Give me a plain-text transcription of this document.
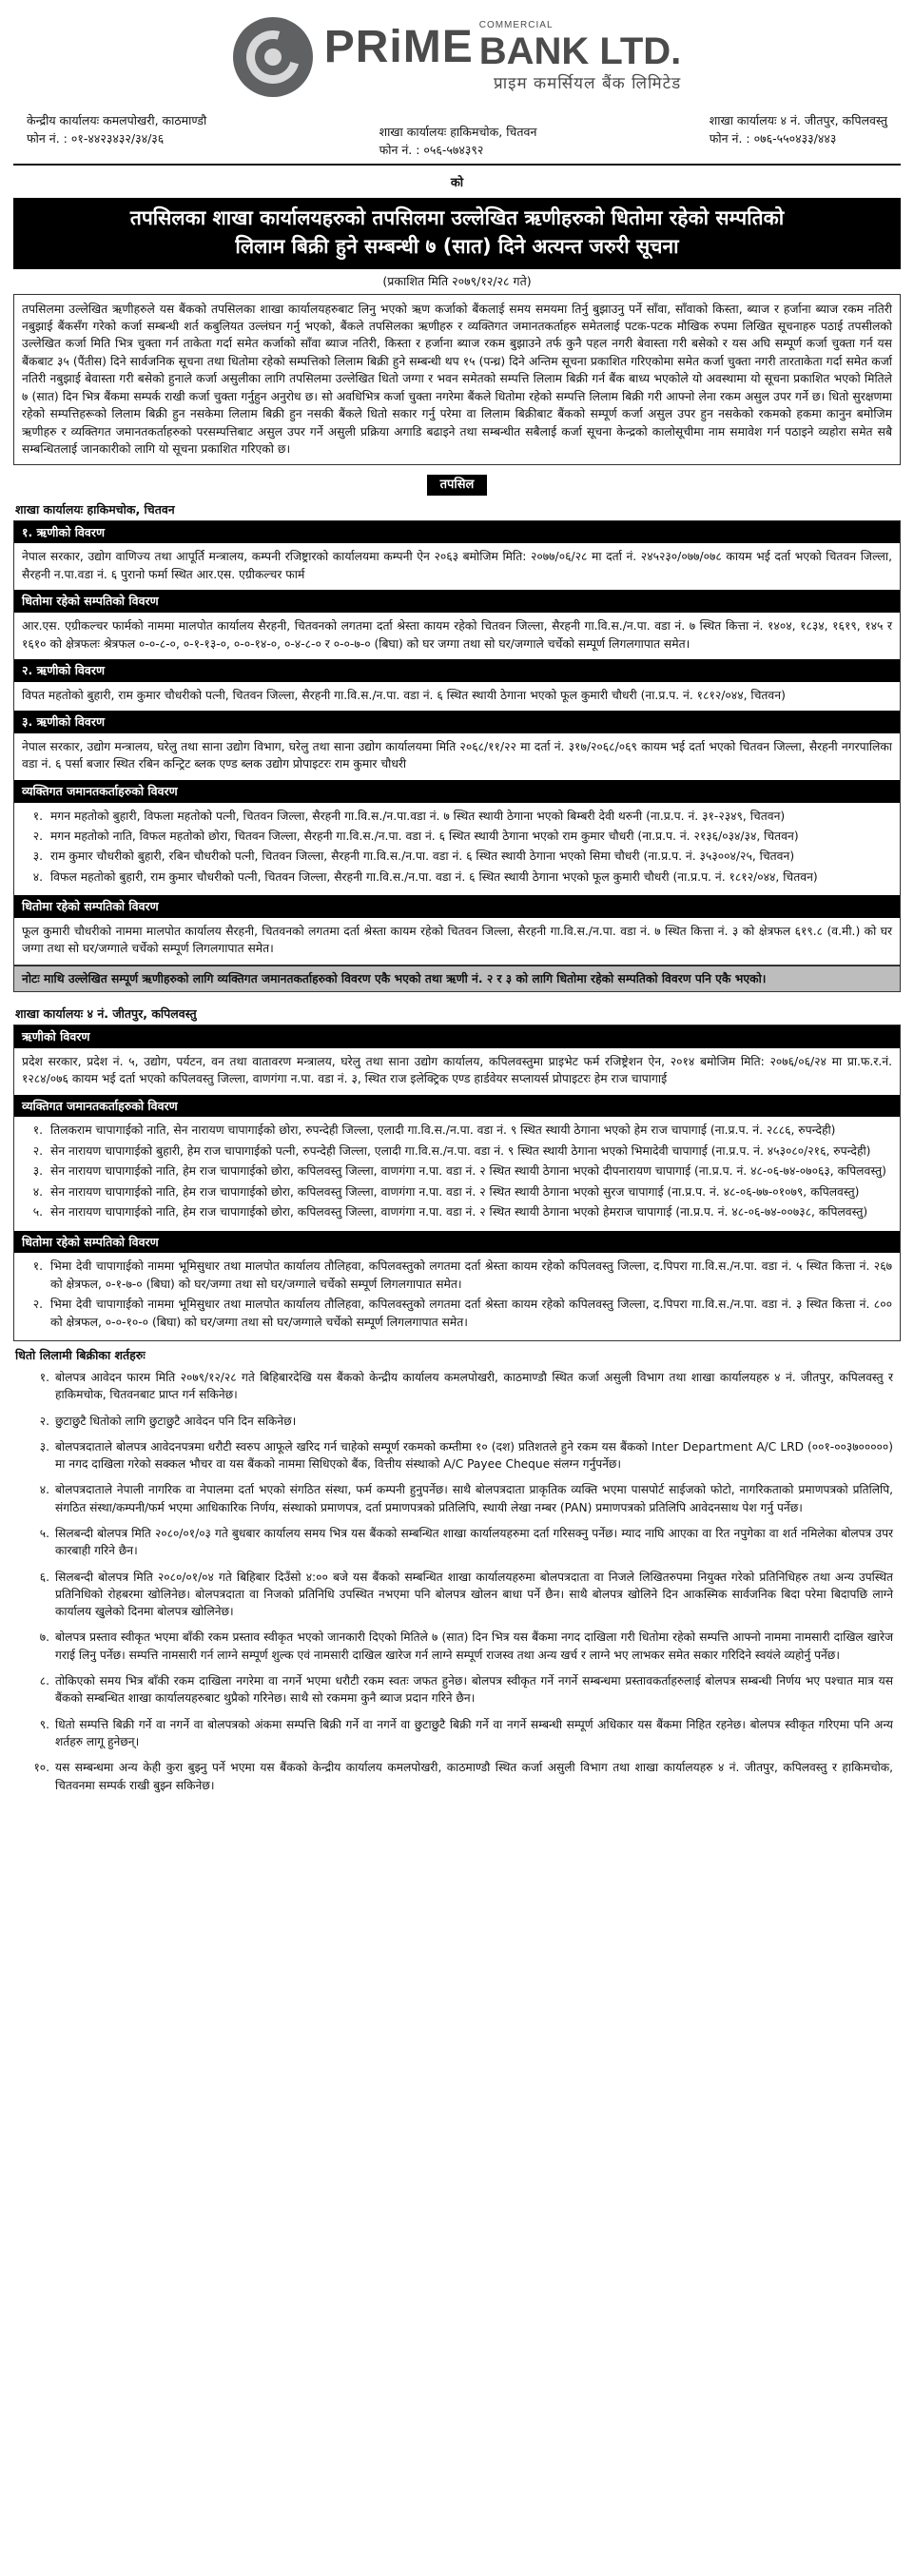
PRiME COMMERCIAL
BANK LTD.
प्राइम कमर्सियल बैंक लिमिटेड
केन्द्रीय कार्यालयः कमलपोखरी, काठमाण्डौ
फोन नं. : ०१-४४२३४३२/३४/३६	शाखा कार्यालयः हाकिमचोक, चितवन
फोन नं. : ०५६-५७४३९२
शाखा कार्यालयः ४ नं. जीतपुर, कपिलवस्तु
फोन नं. : ०७६-५५०४३३/४४३
को
तपसिलका शाखा कार्यालयहरुको तपसिलमा उल्लेखित ऋणीहरुको धितोमा रहेको सम्पतिको
लिलाम बिक्री हुने सम्बन्धी ७ (सात) दिने अत्यन्त जरुरी सूचना
(प्रकाशित मिति २०७९/१२/२८ गते)
तपसिलमा उल्लेखित ऋणीहरुले यस बैंकको तपसिलका शाखा कार्यालयहरुबाट लिनु भएको ऋण कर्जाको बैंकलाई समय समयमा तिर्नु बुझाउनु पर्ने साँवा, साँवाको किस्ता, ब्याज र हर्जाना ब्याज रकम नतिरी नबुझाई बैंकसँग गरेको कर्जा सम्बन्धी शर्त कबुलियत उल्लंघन गर्नु भएको, बैंकले तपसिलका ऋणीहरु र व्यक्तिगत जमानतकर्ताहरु समेतलाई पटक-पटक मौखिक रुपमा लिखित सूचनाहरु पठाई तपसीलको उल्लेखित कर्जा मिति भित्र चुक्ता गर्न ताकेता गर्दा समेत कर्जाको साँवा ब्याज नतिरी, किस्ता र हर्जाना ब्याज रकम बुझाउने तर्फ कुनै पहल नगरी बेवास्ता गरी बसेको र यस अघि सम्पूर्ण कर्जा चुक्ता गर्न यस बैंकबाट ३५ (पैंतीस) दिने सार्वजनिक सूचना तथा धितोमा रहेको सम्पत्तिको लिलाम बिक्री हुने सम्बन्धी थप १५ (पन्ध्र) दिने अन्तिम सूचना प्रकाशित गरिएकोमा समेत कर्जा चुक्ता नगरी तारताकेता गर्दा समेत कर्जा नतिरी नबुझाई बेवास्ता गरी बसेको हुनाले कर्जा असुलीका लागि तपसिलमा उल्लेखित धितो जग्गा र भवन समेतको सम्पत्ति लिलाम बिक्री गर्न बैंक बाध्य भएकोले यो अवस्थामा यो सूचना प्रकाशित भएको मितिले ७ (सात) दिन भित्र बैंकमा सम्पर्क राखी कर्जा चुक्ता गर्नुहुन अनुरोध छ। सो अवधिभित्र कर्जा चुक्ता नगरेमा बैंकले धितोमा रहेको सम्पत्ति लिलाम बिक्री गरी आफ्नो लेना रकम असुल उपर गर्ने छ। धितो सुरक्षणमा रहेको सम्पत्तिहरूको लिलाम बिक्री हुन नसकेमा लिलाम बिक्री हुन नसकी बैंकले धितो सकार गर्नु परेमा वा लिलाम बिक्रीबाट बैंकको सम्पूर्ण कर्जा असुल उपर हुन नसकेको रकमको हकमा कानुन बमोजिम ऋणीहरु र व्यक्तिगत जमानतकर्ताहरुको परसम्पत्तिबाट असुल उपर गर्ने असुली प्रक्रिया अगाडि बढाइने तथा सम्बन्धीत सबैलाई कर्जा सूचना केन्द्रको कालोसूचीमा नाम समावेश गर्न पठाइने व्यहोरा समेत सबै सम्बन्धितलाई जानकारीको लागि यो सूचना प्रकाशित गरिएको छ।
तपसिल
शाखा कार्यालयः हाकिमचोक, चितवन
१. ऋणीको विवरण
नेपाल सरकार, उद्योग वाणिज्य तथा आपूर्ति मन्त्रालय, कम्पनी रजिष्ट्रारको कार्यालयमा कम्पनी ऐन २०६३ बमोजिम मिति: २०७७/०६/२८ मा दर्ता नं. २४५२३०/०७७/०७८ कायम भई दर्ता भएको चितवन जिल्ला, सैरहनी न.पा.वडा नं. ६ पुरानो फर्मा स्थित आर.एस. एग्रीकल्चर फार्म
धितोमा रहेको सम्पतिको विवरण
आर.एस. एग्रीकल्चर फार्मको नाममा मालपोत कार्यालय सैरहनी, चितवनको लगतमा दर्ता श्रेस्ता कायम रहेको चितवन जिल्ला, सैरहनी गा.वि.स./न.पा. वडा नं. ७ स्थित कित्ता नं. १४०४, १८३४, १६१९, १४५ र १६१० को क्षेत्रफलः श्रेत्रफल ०-०-८-०, ०-१-१३-०, ०-०-१४-०, ०-४-८-० र ०-०-७-० (बिघा) को घर जग्गा तथा सो घर/जग्गाले चर्चेको सम्पूर्ण लिगलगापात समेत।
२. ऋणीको विवरण
विपत महतोको बुहारी, राम कुमार चौधरीको पत्नी, चितवन जिल्ला, सैरहनी गा.वि.स./न.पा. वडा नं. ६ स्थित स्थायी ठेगाना भएको फूल कुमारी चौधरी (ना.प्र.प. नं. १८१२/०४४, चितवन)
३. ऋणीको विवरण
नेपाल सरकार, उद्योग मन्त्रालय, घरेलु तथा साना उद्योग विभाग, घरेलु तथा साना उद्योग कार्यालयमा मिति २०६८/११/२२ मा दर्ता नं. ३१७/२०६८/०६९ कायम भई दर्ता भएको चितवन जिल्ला, सैरहनी नगरपालिका वडा नं. ६ पर्सा बजार स्थित रबिन कन्ट्रिट ब्लक एण्ड ब्लक उद्योग प्रोपाइटरः राम कुमार चौधरी
व्यक्तिगत जमानतकर्ताहरुको विवरण
१. मगन महतोको बुहारी, विफला महतोको पत्नी, चितवन जिल्ला, सैरहनी गा.वि.स./न.पा.वडा नं. ७ स्थित स्थायी ठेगाना भएको बिम्बरी देवी थरुनी (ना.प्र.प. नं. ३१-२३४९, चितवन)
२. मगन महतोको नाति, विफल महतोको छोरा, चितवन जिल्ला, सैरहनी गा.वि.स./न.पा. वडा नं. ६ स्थित स्थायी ठेगाना भएको राम कुमार चौधरी (ना.प्र.प. नं. २१३६/०३४/३४, चितवन)
३. राम कुमार चौधरीको बुहारी, रबिन चौधरीको पत्नी, चितवन जिल्ला, सैरहनी गा.वि.स./न.पा. वडा नं. ६ स्थित स्थायी ठेगाना भएको सिमा चौधरी (ना.प्र.प. नं. ३५३००४/२५, चितवन)
४. विफल महतोको बुहारी, राम कुमार चौधरीको पत्नी, चितवन जिल्ला, सैरहनी गा.वि.स./न.पा. वडा नं. ६ स्थित स्थायी ठेगाना भएको फूल कुमारी चौधरी (ना.प्र.प. नं. १८१२/०४४, चितवन)
धितोमा रहेको सम्पतिको विवरण
फूल कुमारी चौधरीको नाममा मालपोत कार्यालय सैरहनी, चितवनको लगतमा दर्ता श्रेस्ता कायम रहेको चितवन जिल्ला, सैरहनी गा.वि.स./न.पा. वडा नं. ७ स्थित कित्ता नं. ३ को क्षेत्रफल ६१९.८ (व.मी.) को घर जग्गा तथा सो घर/जग्गाले चर्चेको सम्पूर्ण लिगलगापात समेत।
नोटः माथि उल्लेखित सम्पूर्ण ऋणीहरुको लागि व्यक्तिगत जमानतकर्ताहरुको विवरण एकै भएको तथा ऋणी नं. २ र ३ को लागि धितोमा रहेको सम्पतिको विवरण पनि एकै भएको।
शाखा कार्यालयः ४ नं. जीतपुर, कपिलवस्तु
ऋणीको विवरण
प्रदेश सरकार, प्रदेश नं. ५, उद्योग, पर्यटन, वन तथा वातावरण मन्त्रालय, घरेलु तथा साना उद्योग कार्यालय, कपिलवस्तुमा प्राइभेट फर्म रजिष्ट्रेशन ऐन, २०१४ बमोजिम मिति: २०७६/०६/२४ मा प्रा.फ.र.नं. १२८४/०७६ कायम भई दर्ता भएको कपिलवस्तु जिल्ला, वाणगंगा न.पा. वडा नं. ३, स्थित राज इलेक्ट्रिक एण्ड हार्डवेयर सप्लायर्स प्रोपाइटरः हेम राज चापागाई
व्यक्तिगत जमानतकर्ताहरुको विवरण
१. तिलकराम चापागाईको नाति, सेन नारायण चापागाईको छोरा, रुपन्देही जिल्ला, एलादी गा.वि.स./न.पा. वडा नं. ९ स्थित स्थायी ठेगाना भएको हेम राज चापागाई (ना.प्र.प. नं. २८८६, रुपन्देही)
२. सेन नारायण चापागाईको बुहारी, हेम राज चापागाईको पत्नी, रुपन्देही जिल्ला, एलादी गा.वि.स./न.पा. वडा नं. ९ स्थित स्थायी ठेगाना भएको भिमादेवी चापागाई (ना.प्र.प. नं. ४५३०८०/२१६, रुपन्देही)
३. सेन नारायण चापागाईको नाति, हेम राज चापागाईको छोरा, कपिलवस्तु जिल्ला, वाणगंगा न.पा. वडा नं. २ स्थित स्थायी ठेगाना भएको दीपनारायण चापागाई (ना.प्र.प. नं. ४८-०६-७४-०७०६३, कपिलवस्तु)
४. सेन नारायण चापागाईको नाति, हेम राज चापागाईको छोरा, कपिलवस्तु जिल्ला, वाणगंगा न.पा. वडा नं. २ स्थित स्थायी ठेगाना भएको सुरज चापागाई (ना.प्र.प. नं. ४८-०६-७७-०१०७९, कपिलवस्तु)
५. सेन नारायण चापागाईको नाति, हेम राज चापागाईको छोरा, कपिलवस्तु जिल्ला, वाणगंगा न.पा. वडा नं. २ स्थित स्थायी ठेगाना भएको हेमराज चापागाई (ना.प्र.प. नं. ४८-०६-७४-००७३८, कपिलवस्तु)
धितोमा रहेको सम्पतिको विवरण
१. भिमा देवी चापागाईको नाममा भूमिसुधार तथा मालपोत कार्यालय तौलिहवा, कपिलवस्तुको लगतमा दर्ता श्रेस्ता कायम रहेको कपिलवस्तु जिल्ला, द.पिपरा गा.वि.स./न.पा. वडा नं. ५ स्थित कित्ता नं. २६७ को क्षेत्रफल, ०-१-७-० (बिघा) को घर/जग्गा तथा सो घर/जग्गाले चर्चेको सम्पूर्ण लिगलगापात समेत।
२. भिमा देवी चापागाईको नाममा भूमिसुधार तथा मालपोत कार्यालय तौलिहवा, कपिलवस्तुको लगतमा दर्ता श्रेस्ता कायम रहेको कपिलवस्तु जिल्ला, द.पिपरा गा.वि.स./न.पा. वडा नं. ३ स्थित कित्ता नं. ८०० को क्षेत्रफल, ०-०-१०-० (बिघा) को घर/जग्गा तथा सो घर/जग्गाले चर्चेको सम्पूर्ण लिगलगापात समेत।
धितो लिलामी बिक्रीका शर्तहरुः
१. बोलपत्र आवेदन फारम मिति २०७९/१२/२८ गते बिहिबारदेखि यस बैंकको केन्द्रीय कार्यालय कमलपोखरी, काठमाण्डौ स्थित कर्जा असुली विभाग तथा शाखा कार्यालयहरु ४ नं. जीतपुर, कपिलवस्तु र हाकिमचोक, चितवनबाट प्राप्त गर्न सकिनेछ।
२. छुटाछुटै धितोको लागि छुटाछुटै आवेदन पनि दिन सकिनेछ।
३. बोलपत्रदाताले बोलपत्र आवेदनपत्रमा धरौटी स्वरुप आफूले खरिद गर्न चाहेको सम्पूर्ण रकमको कम्तीमा १० (दश) प्रतिशतले हुने रकम यस बैंकको Inter Department A/C LRD (००१-००३७०००००) मा नगद दाखिला गरेको सक्कल भौचर वा यस बैंकको नाममा सिधिएको बैंक, वित्तीय संस्थाको A/C Payee Cheque संलग्न गर्नुपर्नेछ।
४. बोलपत्रदाताले नेपाली नागरिक वा नेपालमा दर्ता भएको संगठित संस्था, फर्म कम्पनी हुनुपर्नेछ। साथै बोलपत्रदाता प्राकृतिक व्यक्ति भएमा पासपोर्ट साईजको फोटो, नागरिकताको प्रमाणपत्रको प्रतिलिपि, संगठित संस्था/कम्पनी/फर्म भएमा आधिकारिक निर्णय, संस्थाको प्रमाणपत्र, दर्ता प्रमाणपत्रको प्रतिलिपि, स्थायी लेखा नम्बर (PAN) प्रमाणपत्रको प्रतिलिपि आवेदनसाथ पेश गर्नु पर्नेछ।
५. सिलबन्दी बोलपत्र मिति २०८०/०१/०३ गते बुधबार कार्यालय समय भित्र यस बैंकको सम्बन्धित शाखा कार्यालयहरुमा दर्ता गरिसक्नु पर्नेछ। म्याद नाघि आएका वा रित नपुगेका वा शर्त नमिलेका बोलपत्र उपर कारबाही गरिने छैन।
६. सिलबन्दी बोलपत्र मिति २०८०/०१/०४ गते बिहिबार दिउँसो ४:०० बजे यस बैंकको सम्बन्धित शाखा कार्यालयहरुमा बोलपत्रदाता वा निजले लिखितरुपमा नियुक्त गरेको प्रतिनिधिहरु तथा अन्य उपस्थित प्रतिनिधिको रोहबरमा खोलिनेछ। बोलपत्रदाता वा निजको प्रतिनिधि उपस्थित नभएमा पनि बोलपत्र खोलन बाधा पर्ने छैन। साथै बोलपत्र खोलिने दिन आकस्मिक सार्वजनिक बिदा परेमा बिदापछि लाग्ने कार्यालय खुलेको दिनमा बोलपत्र खोलिनेछ।
७. बोलपत्र प्रस्ताव स्वीकृत भएमा बाँकी रकम प्रस्ताव स्वीकृत भएको जानकारी दिएको मितिले ७ (सात) दिन भित्र यस बैंकमा नगद दाखिला गरी धितोमा रहेको सम्पत्ति आफ्नो नाममा नामसारी दाखिल खारेज गराई लिनु पर्नेछ। सम्पत्ति नामसारी गर्न लाग्ने सम्पूर्ण शुल्क एवं नामसारी दाखिल खारेज गर्न लाग्ने सम्पूर्ण राजस्व तथा अन्य खर्च र लाग्ने भए लाभकर समेत सकार गरिदिने स्वयंले व्यहोर्नु पर्नेछ।
८. तोकिएको समय भित्र बाँकी रकम दाखिला नगरेमा वा नगर्ने भएमा धरौटी रकम स्वतः जफत हुनेछ। बोलपत्र स्वीकृत गर्ने नगर्ने सम्बन्धमा प्रस्तावकर्ताहरुलाई बोलपत्र सम्बन्धी निर्णय भए पश्चात मात्र यस बैंकको सम्बन्धित शाखा कार्यालयहरुबाट थुप्रैको गरिनेछ। साथै सो रकममा कुनै ब्याज प्रदान गरिने छैन।
९. धितो सम्पत्ति बिक्री गर्ने वा नगर्ने वा बोलपत्रको अंकमा सम्पत्ति बिक्री गर्ने वा नगर्ने वा छुटाछुटै बिक्री गर्ने वा नगर्ने सम्बन्धी सम्पूर्ण अधिकार यस बैंकमा निहित रहनेछ। बोलपत्र स्वीकृत गरिएमा पनि अन्य शर्तहरु लागू हुनेछन्।
१०. यस सम्बन्धमा अन्य केही कुरा बुझ्नु पर्ने भएमा यस बैंकको केन्द्रीय कार्यालय कमलपोखरी, काठमाण्डौ स्थित कर्जा असुली विभाग तथा शाखा कार्यालयहरु ४ नं. जीतपुर, कपिलवस्तु र हाकिमचोक, चितवनमा सम्पर्क राखी बुझ्न सकिनेछ।
